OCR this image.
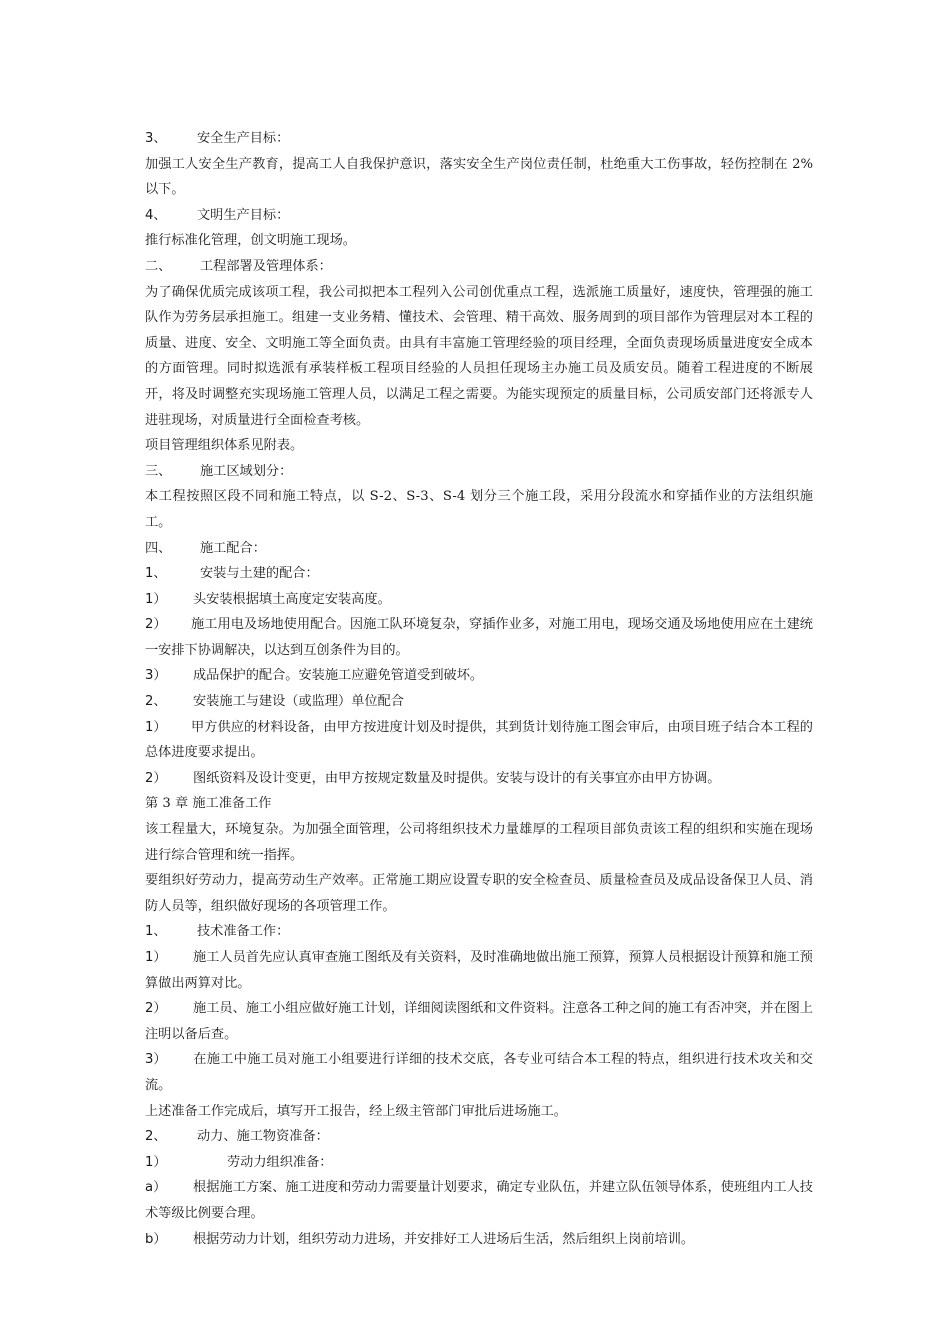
3、 安全生产目标：

加强工人安全生产教育，提高工人自我保护意识，落实安全生产岗位责任制，杜绝重大工伤事故，轻伤控制在 2%以下。

4、 文明生产目标：

推行标准化管理，创文明施工现场。

二、 工程部署及管理体系：

为了确保优质完成该项工程，我公司拟把本工程列入公司创优重点工程，选派施工质量好，速度快，管理强的施工队作为劳务层承担施工。组建一支业务精、懂技术、会管理、精干高效、服务周到的项目部作为管理层对本工程的质量、进度、安全、文明施工等全面负责。由具有丰富施工管理经验的项目经理，全面负责现场质量进度安全成本的方面管理。同时拟选派有承装样板工程项目经验的人员担任现场主办施工员及质安员。随着工程进度的不断展开，将及时调整充实现场施工管理人员，以满足工程之需要。为能实现预定的质量目标，公司质安部门还将派专人进驻现场，对质量进行全面检查考核。

项目管理组织体系见附表。

三、 施工区域划分：

本工程按照区段不同和施工特点，以 S-2、S-3、S-4 划分三个施工段，采用分段流水和穿插作业的方法组织施工。

四、 施工配合：

1、	安装与土建的配合：

1） 头安装根据填土高度定安装高度。

2） 施工用电及场地使用配合。因施工队环境复杂，穿插作业多，对施工用电，现场交通及场地使用应在土建统一安排下协调解决，以达到互创条件为目的。

3） 成品保护的配合。安装施工应避免管道受到破坏。

2、 安装施工与建设（或监理）单位配合

1） 甲方供应的材料设备，由甲方按进度计划及时提供，其到货计划待施工图会审后，由项目班子结合本工程的总体进度要求提出。

2） 图纸资料及设计变更，由甲方按规定数量及时提供。安装与设计的有关事宜亦由甲方协调。

第 3 章 施工准备工作

该工程量大，环境复杂。为加强全面管理，公司将组织技术力量雄厚的工程项目部负责该工程的组织和实施在现场进行综合管理和统一指挥。

要组织好劳动力，提高劳动生产效率。正常施工期应设置专职的安全检查员、质量检查员及成品设备保卫人员、消防人员等，组织做好现场的各项管理工作。

1、 技术准备工作：

1） 施工人员首先应认真审查施工图纸及有关资料，及时准确地做出施工预算，预算人员根据设计预算和施工预算做出两算对比。

2） 施工员、施工小组应做好施工计划，详细阅读图纸和文件资料。注意各工种之间的施工有否冲突，并在图上注明以备后查。

3） 在施工中施工员对施工小组要进行详细的技术交底，各专业可结合本工程的特点，组织进行技术攻关和交流。

上述准备工作完成后，填写开工报告，经上级主管部门审批后进场施工。

2、 动力、施工物资准备：

1）	劳动力组织准备：

a） 根据施工方案、施工进度和劳动力需要量计划要求，确定专业队伍，并建立队伍领导体系，使班组内工人技术等级比例要合理。

b） 根据劳动力计划，组织劳动力进场，并安排好工人进场后生活，然后组织上岗前培训。
